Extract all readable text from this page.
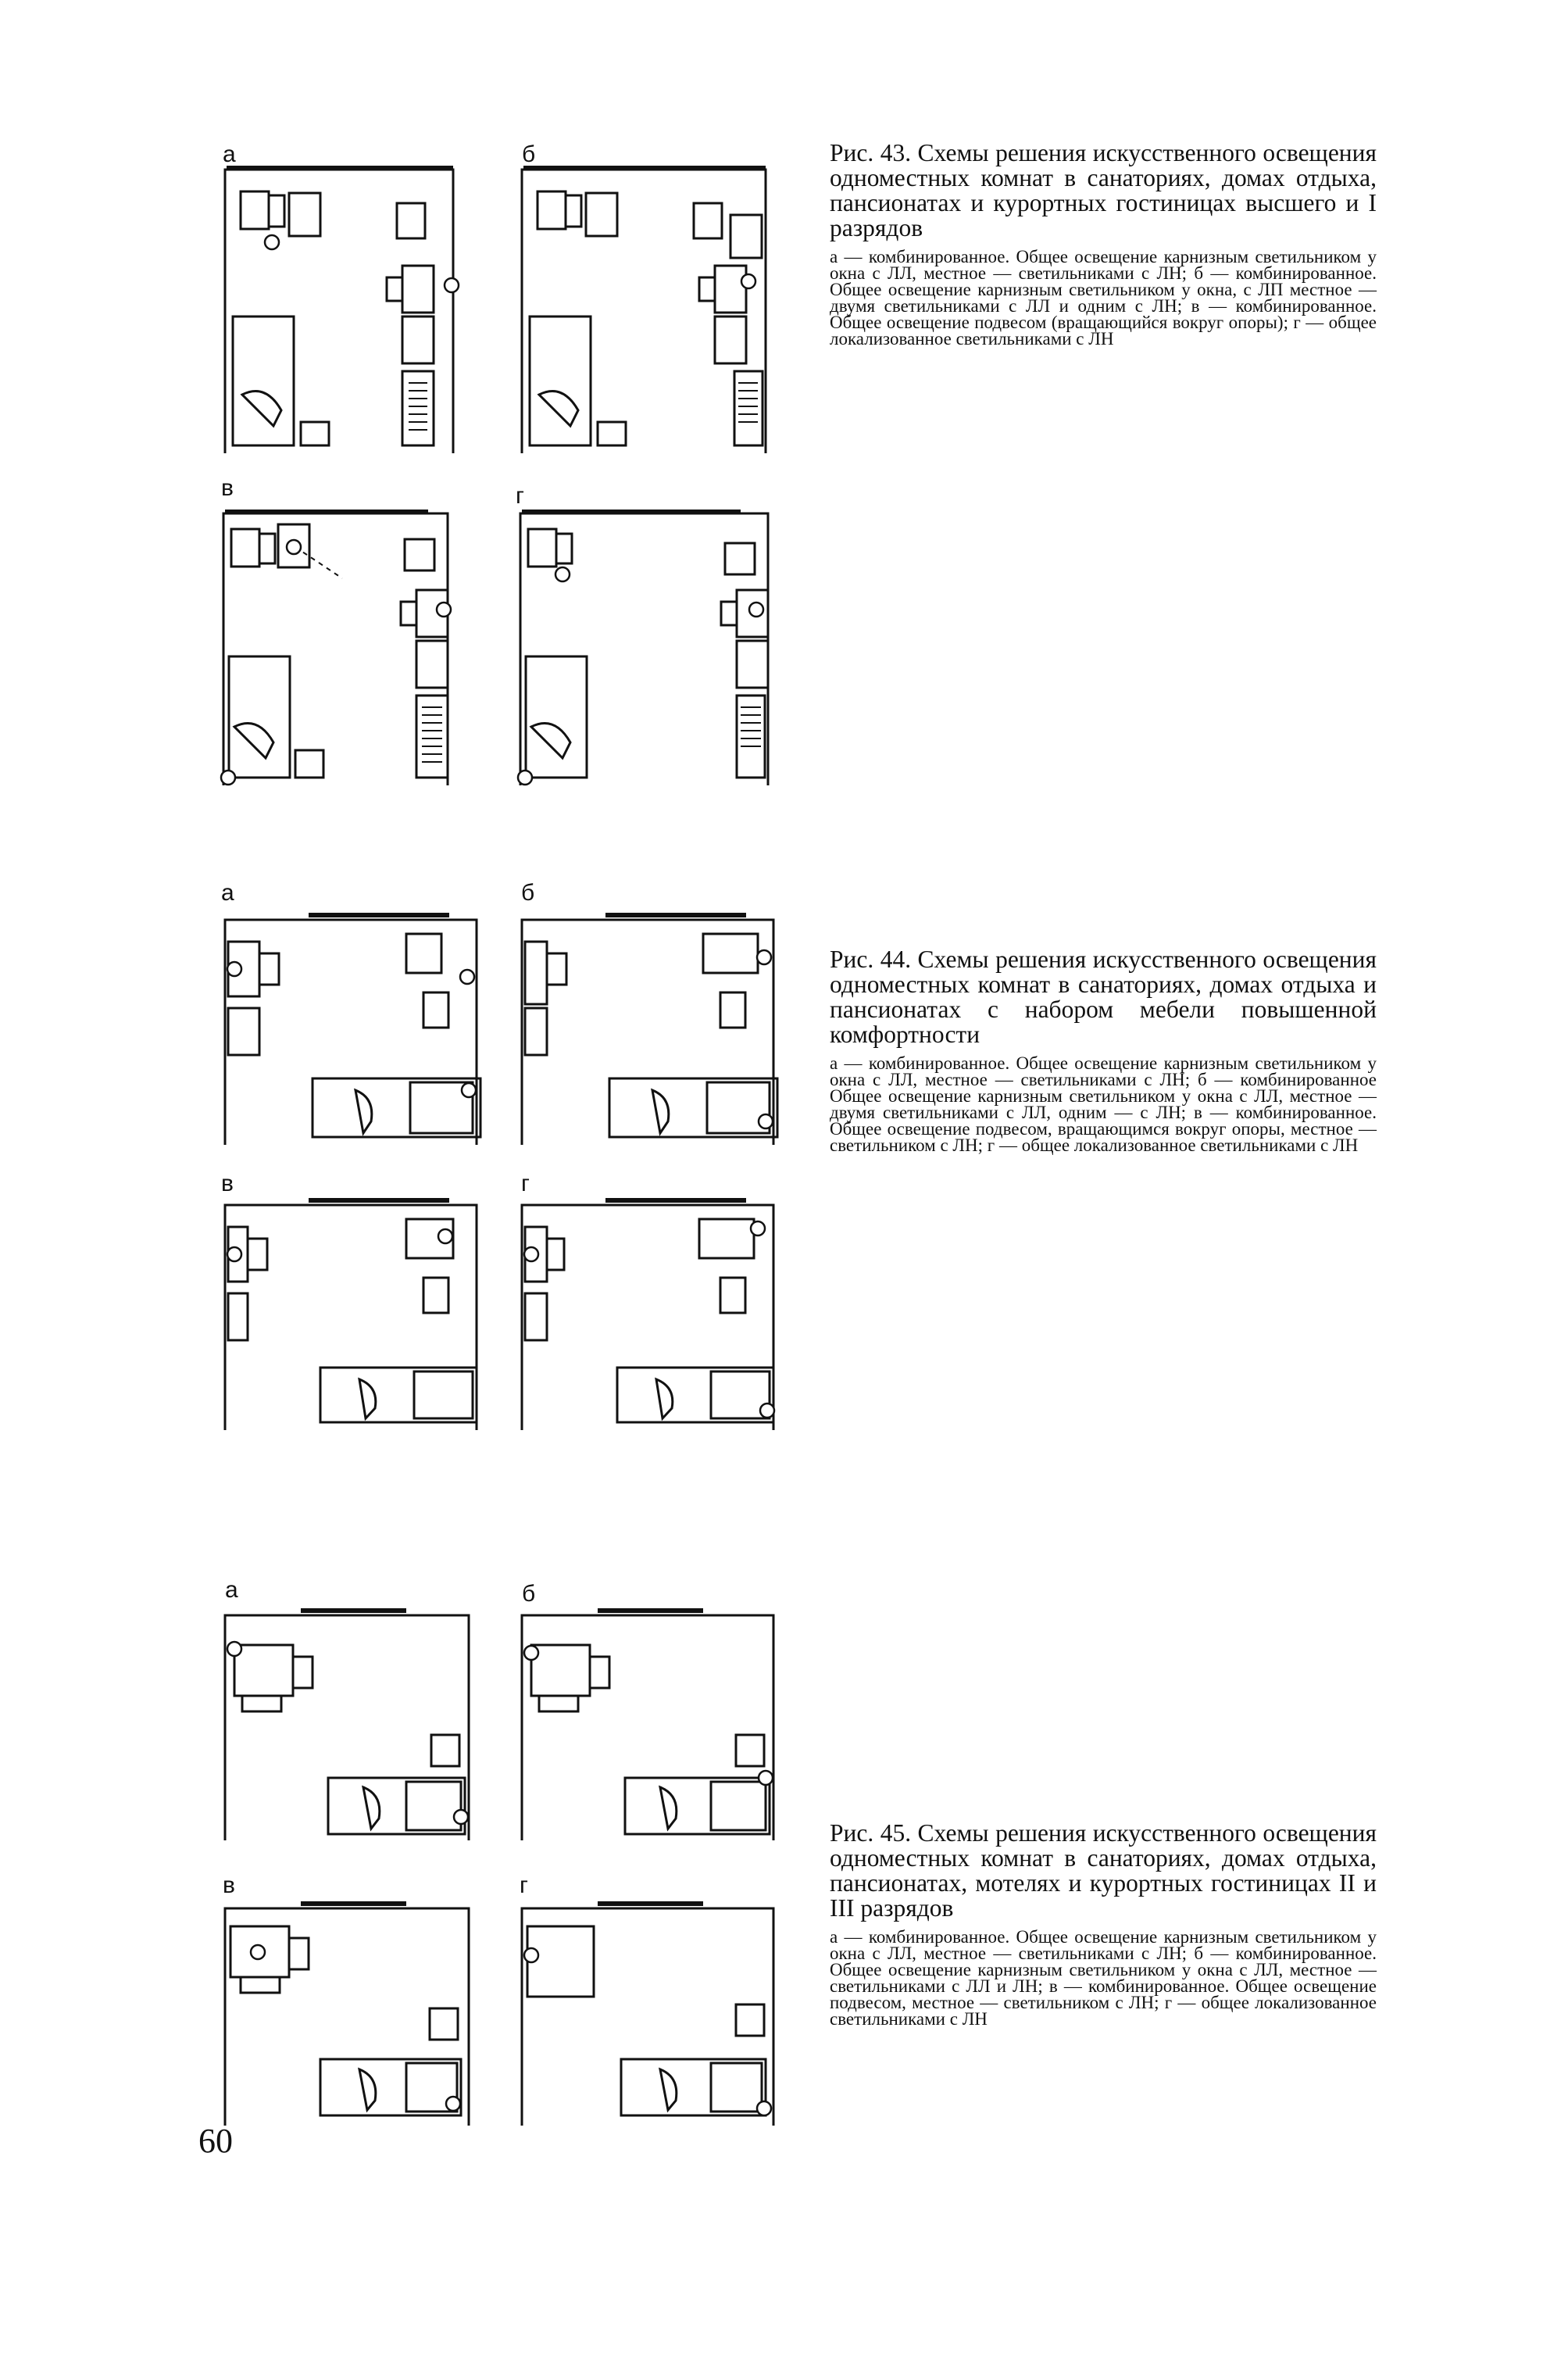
а	б
в	г

Рис. 43. Схемы решения искусственного освещения одноместных комнат в санаториях, домах отдыха, пансионатах и курортных гостиницах высшего и I разрядов

а — комбинированное. Общее освещение карнизным светильником у окна с ЛЛ, местное — светильниками с ЛН; б — комбинированное. Общее освещение карнизным светильником у окна, с ЛП местное — двумя светильниками с ЛЛ и одним с ЛН; в — комбинированное. Общее освещение подвесом (вращающийся вокруг опоры); г — общее локализованное светильниками с ЛН

а	б
в	г

Рис. 44. Схемы решения искусственного освещения одноместных комнат в санаториях, домах отдыха и пансионатах с набором мебели повышенной комфортности

а — комбинированное. Общее освещение карнизным светильником у окна с ЛЛ, местное — светильниками с ЛН; б — комбинированное Общее освещение карнизным светильником у окна с ЛЛ, местное — двумя светильниками с ЛЛ, одним — с ЛН; в — комбинированное. Общее освещение подвесом, вращающимся вокруг опоры, местное — светильником с ЛН; г — общее локализованное светильниками с ЛН

а	б
в	г

Рис. 45. Схемы решения искусственного освещения одноместных комнат в санаториях, домах отдыха, пансионатах, мотелях и курортных гостиницах II и III разрядов

а — комбинированное. Общее освещение карнизным светильником у окна с ЛЛ, местное — светильниками с ЛН; б — комбинированное. Общее освещение карнизным светильником у окна с ЛЛ, местное — светильниками с ЛЛ и ЛН; в — комбинированное. Общее освещение подвесом, местное — светильником с ЛН; г — общее локализованное светильниками с ЛН

60
